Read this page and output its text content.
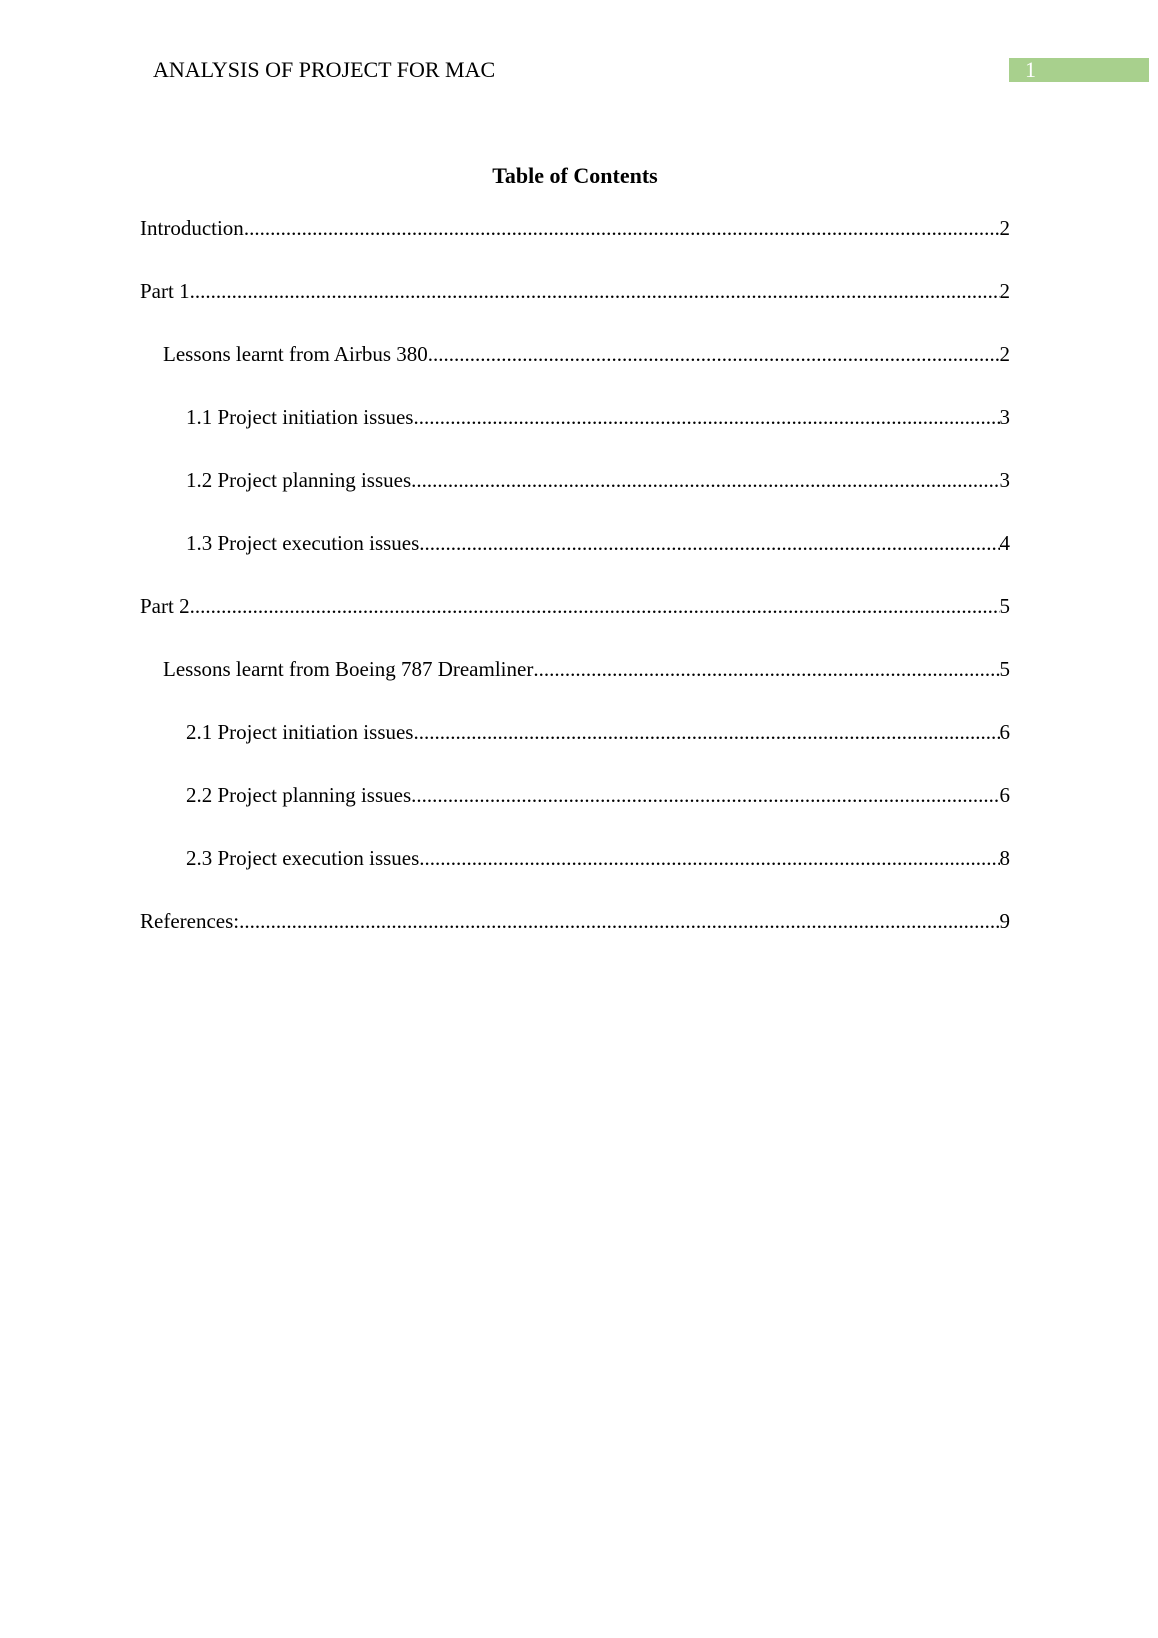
ANALYSIS OF PROJECT FOR MAC	1
Table of Contents
Introduction .....	2
Part 1 .....	2
Lessons learnt from Airbus 380 .....	2
1.1 Project initiation issues .....	3
1.2 Project planning issues .....	3
1.3 Project execution issues .....	4
Part 2 .....	5
Lessons learnt from Boeing 787 Dreamliner .....	5
2.1 Project initiation issues .....	6
2.2 Project planning issues .....	6
2.3 Project execution issues .....	8
References: .....	9
